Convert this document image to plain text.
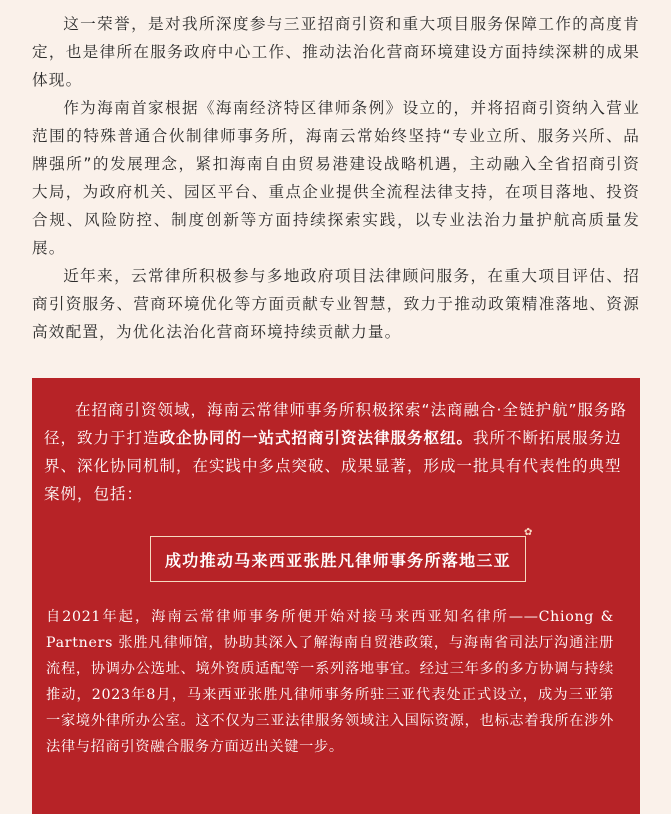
这一荣誉，是对我所深度参与三亚招商引资和重大项目服务保障工作的高度肯定，也是律所在服务政府中心工作、推动法治化营商环境建设方面持续深耕的成果体现。

作为海南首家根据《海南经济特区律师条例》设立的，并将招商引资纳入营业范围的特殊普通合伙制律师事务所，海南云常始终坚持“专业立所、服务兴所、品牌强所”的发展理念，紧扣海南自由贸易港建设战略机遇，主动融入全省招商引资大局，为政府机关、园区平台、重点企业提供全流程法律支持，在项目落地、投资合规、风险防控、制度创新等方面持续探索实践，以专业法治力量护航高质量发展。

近年来，云常律所积极参与多地政府项目法律顾问服务，在重大项目评估、招商引资服务、营商环境优化等方面贡献专业智慧，致力于推动政策精准落地、资源高效配置，为优化法治化营商环境持续贡献力量。

在招商引资领域，海南云常律师事务所积极探索“法商融合·全链护航”服务路径，致力于打造政企协同的一站式招商引资法律服务枢纽。我所不断拓展服务边界、深化协同机制，在实践中多点突破、成果显著，形成一批具有代表性的典型案例，包括：

✿
成功推动马来西亚张胜凡律师事务所落地三亚

自2021年起，海南云常律师事务所便开始对接马来西亚知名律所——Chiong & Partners 张胜凡律师馆，协助其深入了解海南自贸港政策，与海南省司法厅沟通注册流程，协调办公选址、境外资质适配等一系列落地事宜。经过三年多的多方协调与持续推动，2023年8月，马来西亚张胜凡律师事务所驻三亚代表处正式设立，成为三亚第一家境外律所办公室。这不仅为三亚法律服务领域注入国际资源，也标志着我所在涉外法律与招商引资融合服务方面迈出关键一步。
